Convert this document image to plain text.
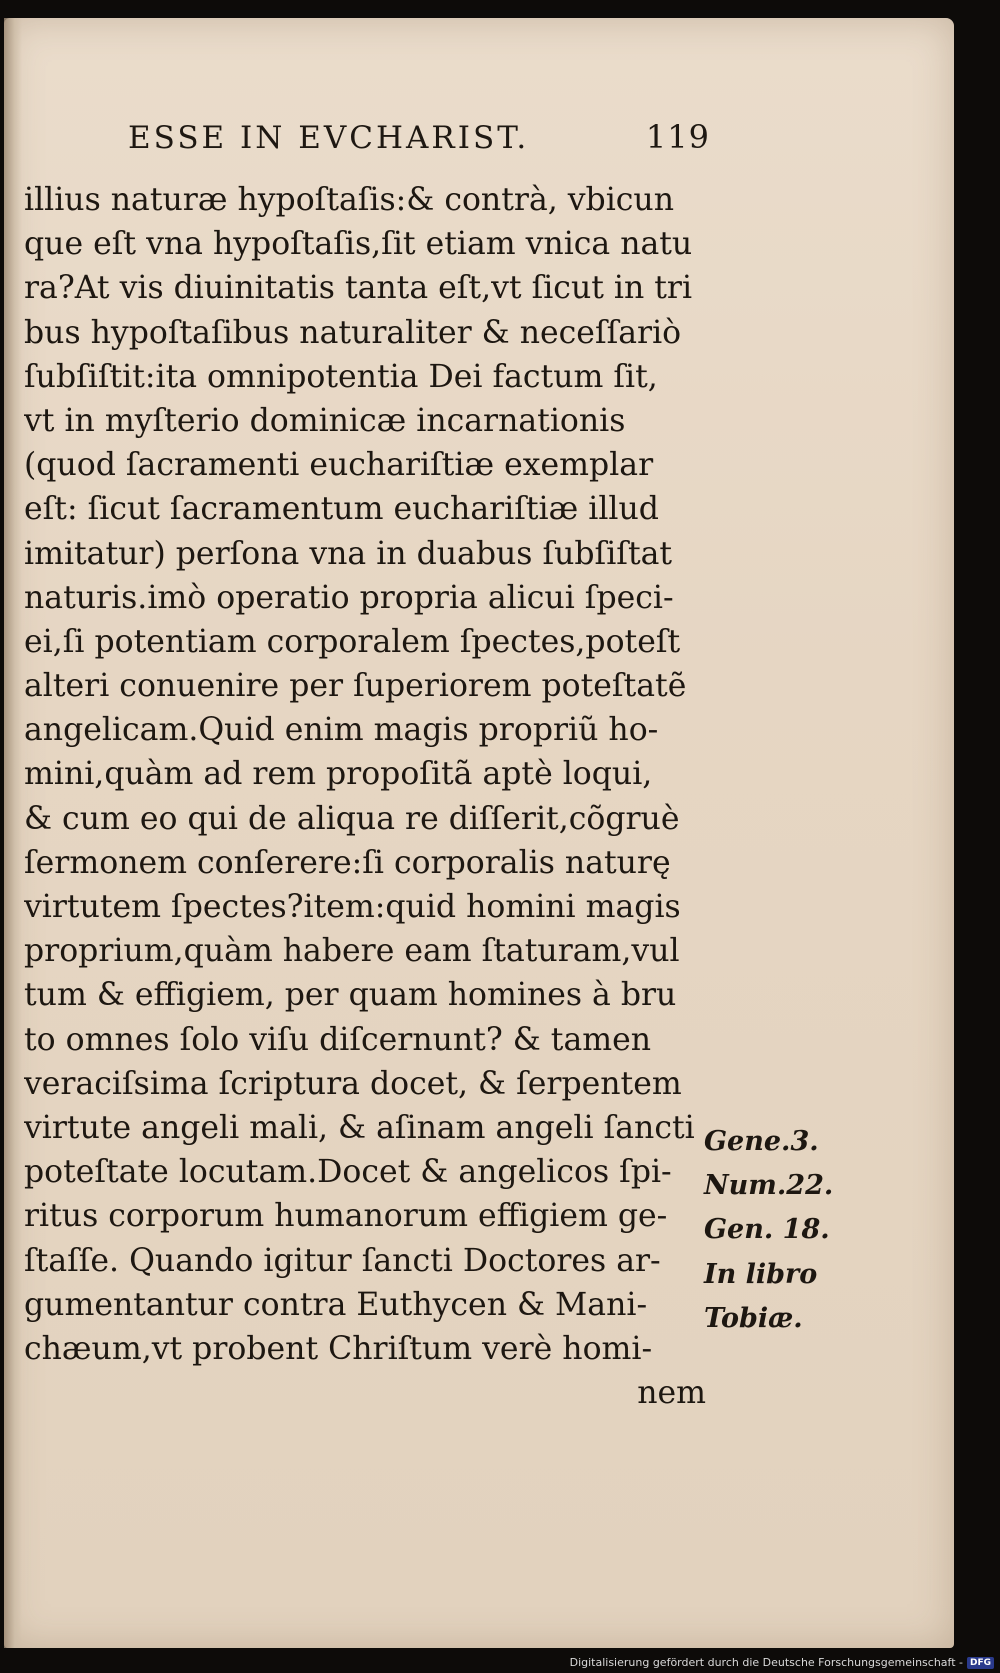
ESSE IN EVCHARIST.	119
illius naturæ hypoſtaſis:& contrà, vbicun
que eſt vna hypoſtaſis,ſit etiam vnica natu
ra?At vis diuinitatis tanta eſt,vt ſicut in tri
bus hypoſtaſibus naturaliter & neceſſariò
ſubſiſtit:ita omnipotentia Dei factum ſit,
vt in myſterio dominicæ incarnationis
(quod ſacramenti euchariſtiæ exemplar
eſt: ſicut ſacramentum euchariſtiæ illud
imitatur) perſona vna in duabus ſubſiſtat
naturis.imò operatio propria alicui ſpeci-
ei,ſi potentiam corporalem ſpectes,poteſt
alteri conuenire per ſuperiorem poteſtatẽ
angelicam.Quid enim magis propriũ ho-
mini,quàm ad rem propoſitã aptè loqui,
& cum eo qui de aliqua re diſſerit,cõgruè
ſermonem conſerere:ſi corporalis naturę
virtutem ſpectes?item:quid homini magis
proprium,quàm habere eam ſtaturam,vul
tum & effigiem, per quam homines à bru
to omnes ſolo viſu diſcernunt? & tamen
veraciſsima ſcriptura docet, & ſerpentem
virtute angeli mali, & aſinam angeli ſancti
poteſtate locutam.Docet & angelicos ſpi-
ritus corporum humanorum effigiem ge-
ſtaſſe. Quando igitur ſancti Doctores ar-
gumentantur contra Euthycen & Mani-
chæum,vt probent Chriſtum verè homi-
nem
Gene.3.
Num.22.
Gen. 18.
In libro
Tobiæ.
Digitalisierung gefördert durch die Deutsche Forschungsgemeinschaft - DFG
